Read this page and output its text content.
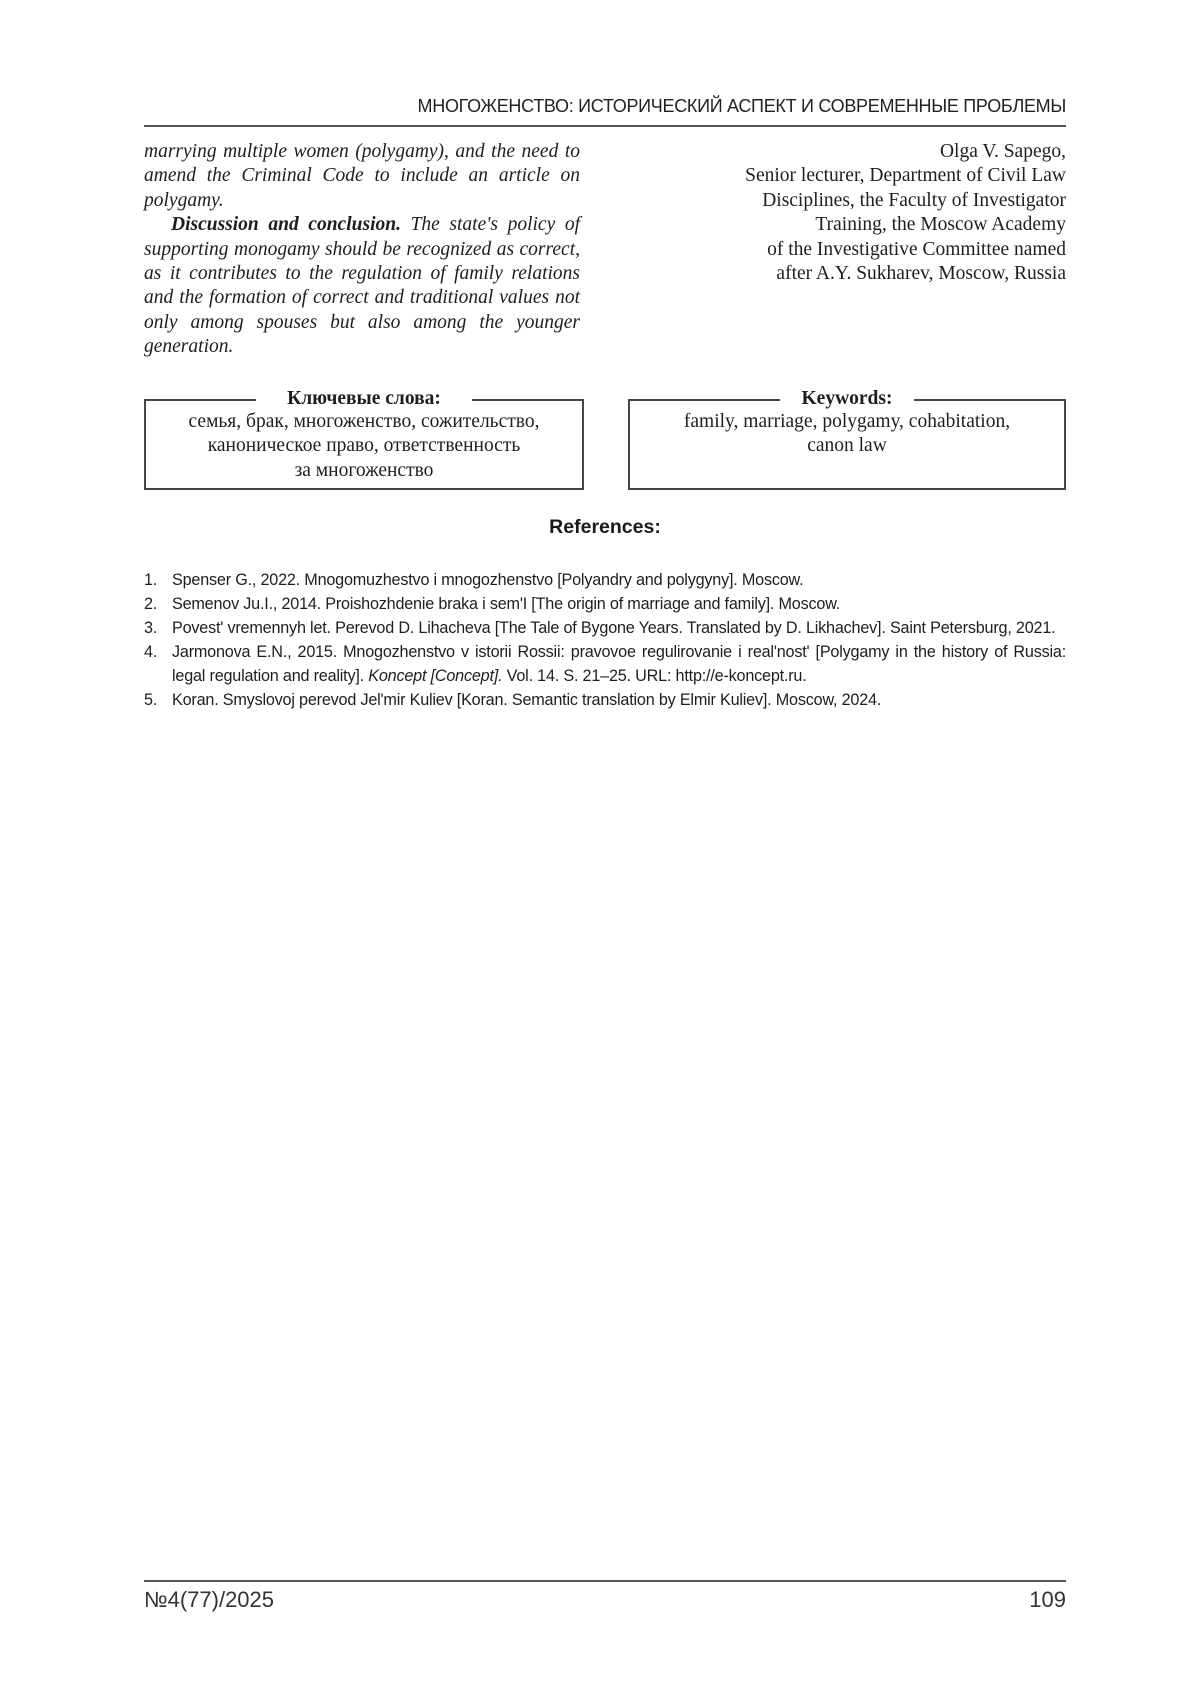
МНОГОЖЕНСТВО: ИСТОРИЧЕСКИЙ АСПЕКТ И СОВРЕМЕННЫЕ ПРОБЛЕМЫ

marrying multiple women (polygamy), and the need to amend the Criminal Code to include an article on polygamy.

Discussion and conclusion. The state's policy of supporting monogamy should be recognized as correct, as it contributes to the regulation of family relations and the formation of correct and traditional values not only among spouses but also among the younger generation.

Olga V. Sapego,
Senior lecturer, Department of Civil Law
Disciplines, the Faculty of Investigator
Training, the Moscow Academy
of the Investigative Committee named
after A.Y. Sukharev, Moscow, Russia
Ключевые слова:
семья, брак, многоженство, сожительство,
каноническое право, ответственность
за многоженство
Keywords:
family, marriage, polygamy, cohabitation,
canon law
References:
1. Spenser G., 2022. Mnogomuzhestvo i mnogozhenstvo [Polyandry and polygyny]. Moscow.
2. Semenov Ju.I., 2014. Proishozhdenie braka i sem'I [The origin of marriage and family]. Moscow.
3. Povest' vremennyh let. Perevod D. Lihacheva [The Tale of Bygone Years. Translated by D. Likhachev]. Saint Petersburg, 2021.
4. Jarmonova E.N., 2015. Mnogozhenstvo v istorii Rossii: pravovoe regulirovanie i real'nost' [Polygamy in the history of Russia: legal regulation and reality]. Koncept [Concept]. Vol. 14. S. 21–25. URL: http://e-koncept.ru.
5. Koran. Smyslovoj perevod Jel'mir Kuliev [Koran. Semantic translation by Elmir Kuliev]. Moscow, 2024.
№4(77)/2025	109
